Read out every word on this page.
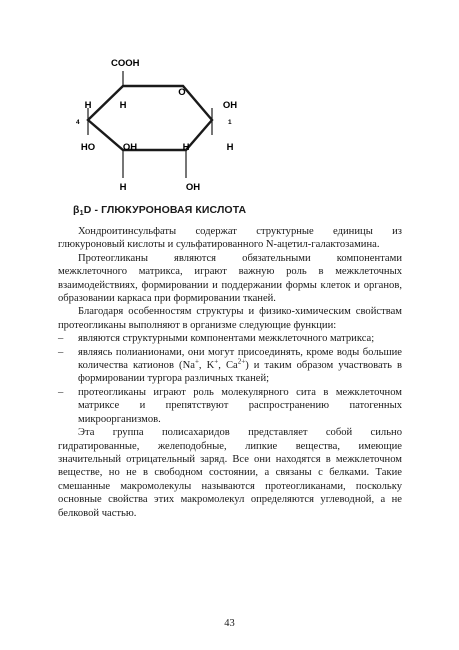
COOH
H	H
O
OH
4	1
HO	OH	H	H
H	OH
$\beta_1D$ - ГЛЮКУРОНОВАЯ КИСЛОТА

Хондроитинсульфаты содержат структурные единицы из глюкуроновый кислоты и сульфатированного N-ацетил-галактозамина.

Протеогликаны являются обязательными компонентами межклеточного матрикса, играют важную роль в межклеточных взаимодействиях, формировании и поддержании формы клеток и органов, образовании каркаса при формировании тканей.

Благодаря особенностям структуры и физико-химическим свойствам протеогликаны выполняют в организме следующие функции:

– являются структурными компонентами межклеточного матрикса;
– являясь полианионами, они могут присоединять, кроме воды большие количества катионов (Na+, K+, $Ca^{2+}$) и таким образом участвовать в формировании тургора различных тканей;
– протеогликаны играют роль молекулярного сита в межклеточном матриксе и препятствуют распространению патогенных микроорганизмов.

Эта группа полисахаридов представляет собой сильно гидратированные, желеподобные, липкие вещества, имеющие значительный отрицательный заряд. Все они находятся в межклеточном веществе, но не в свободном состоянии, а связаны с белками. Такие смешанные макромолекулы называются протеогликанами, поскольку основные свойства этих макромолекул определяются углеводной, а не белковой частью.

43
